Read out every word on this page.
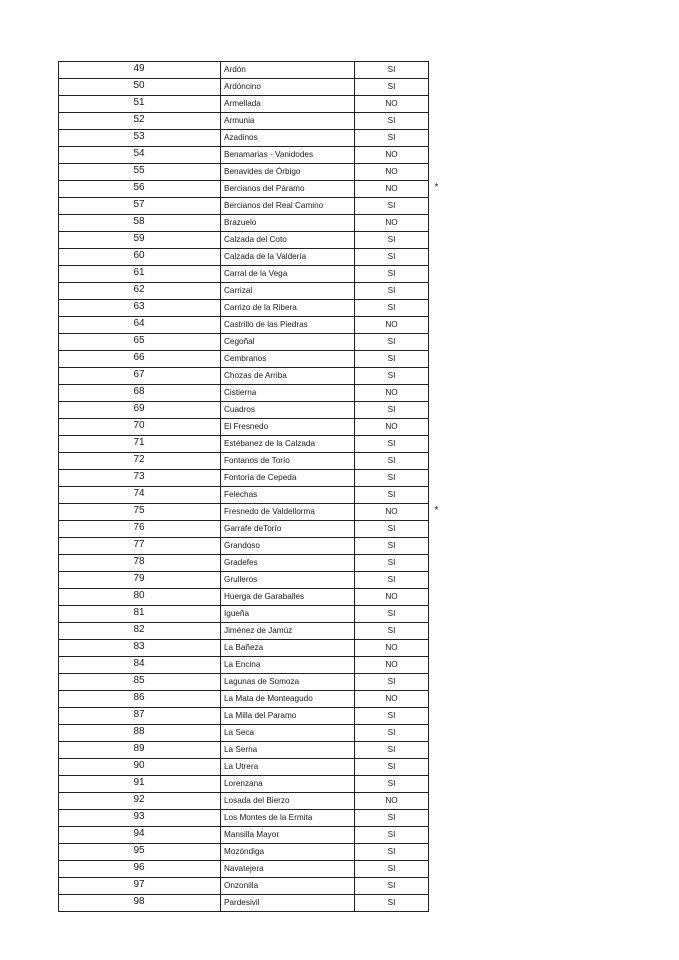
49	Ardón	SI	
50	Ardóncino	SI	
51	Armellada	NO	
52	Armunia	SI	
53	Azadinos	SI	
54	Benamarias - Vanidodes	NO	
55	Benavides de Órbigo	NO	
56	Bercianos del Páramo	NO	*
57	Bercianos del Real Camino	SI	
58	Brazuelo	NO	
59	Calzada del Coto	SI	
60	Calzada de la Valdería	SI	
61	Carral de la Vega	SI	
62	Carrizal	SI	
63	Carrizo de la Ribera	SI	
64	Castrillo de las Piedras	NO	
65	Cegoñal	SI	
66	Cembranos	SI	
67	Chozas de Arriba	SI	
68	Cistierna	NO	
69	Cuadros	SI	
70	El Fresnedo	NO	
71	Estébanez de la Calzada	SI	
72	Fontanos de Torío	SI	
73	Fontoria de Cepeda	SI	
74	Felechas	SI	
75	Fresnedo de Valdellorma	NO	*
76	Garrafe deTorío	SI	
77	Grandoso	SI	
78	Gradefes	SI	
79	Grulleros	SI	
80	Huerga de Garaballes	NO	
81	Igueña	SI	
82	Jiménez de Jamúz	SI	
83	La Bañeza	NO	
84	La Encina	NO	
85	Lagunas de Somoza	SI	
86	La Mata de Monteagudo	NO	
87	La Milla del Paramo	SI	
88	La Seca	SI	
89	La Serna	SI	
90	La Utrera	SI	
91	Lorenzana	SI	
92	Losada del Bierzo	NO	
93	Los Montes de la Ermita	SI	
94	Mansilla Mayor	SI	
95	Mozóndiga	SI	
96	Navatejera	SI	
97	Onzonilla	SI	
98	Pardesivil	SI	
